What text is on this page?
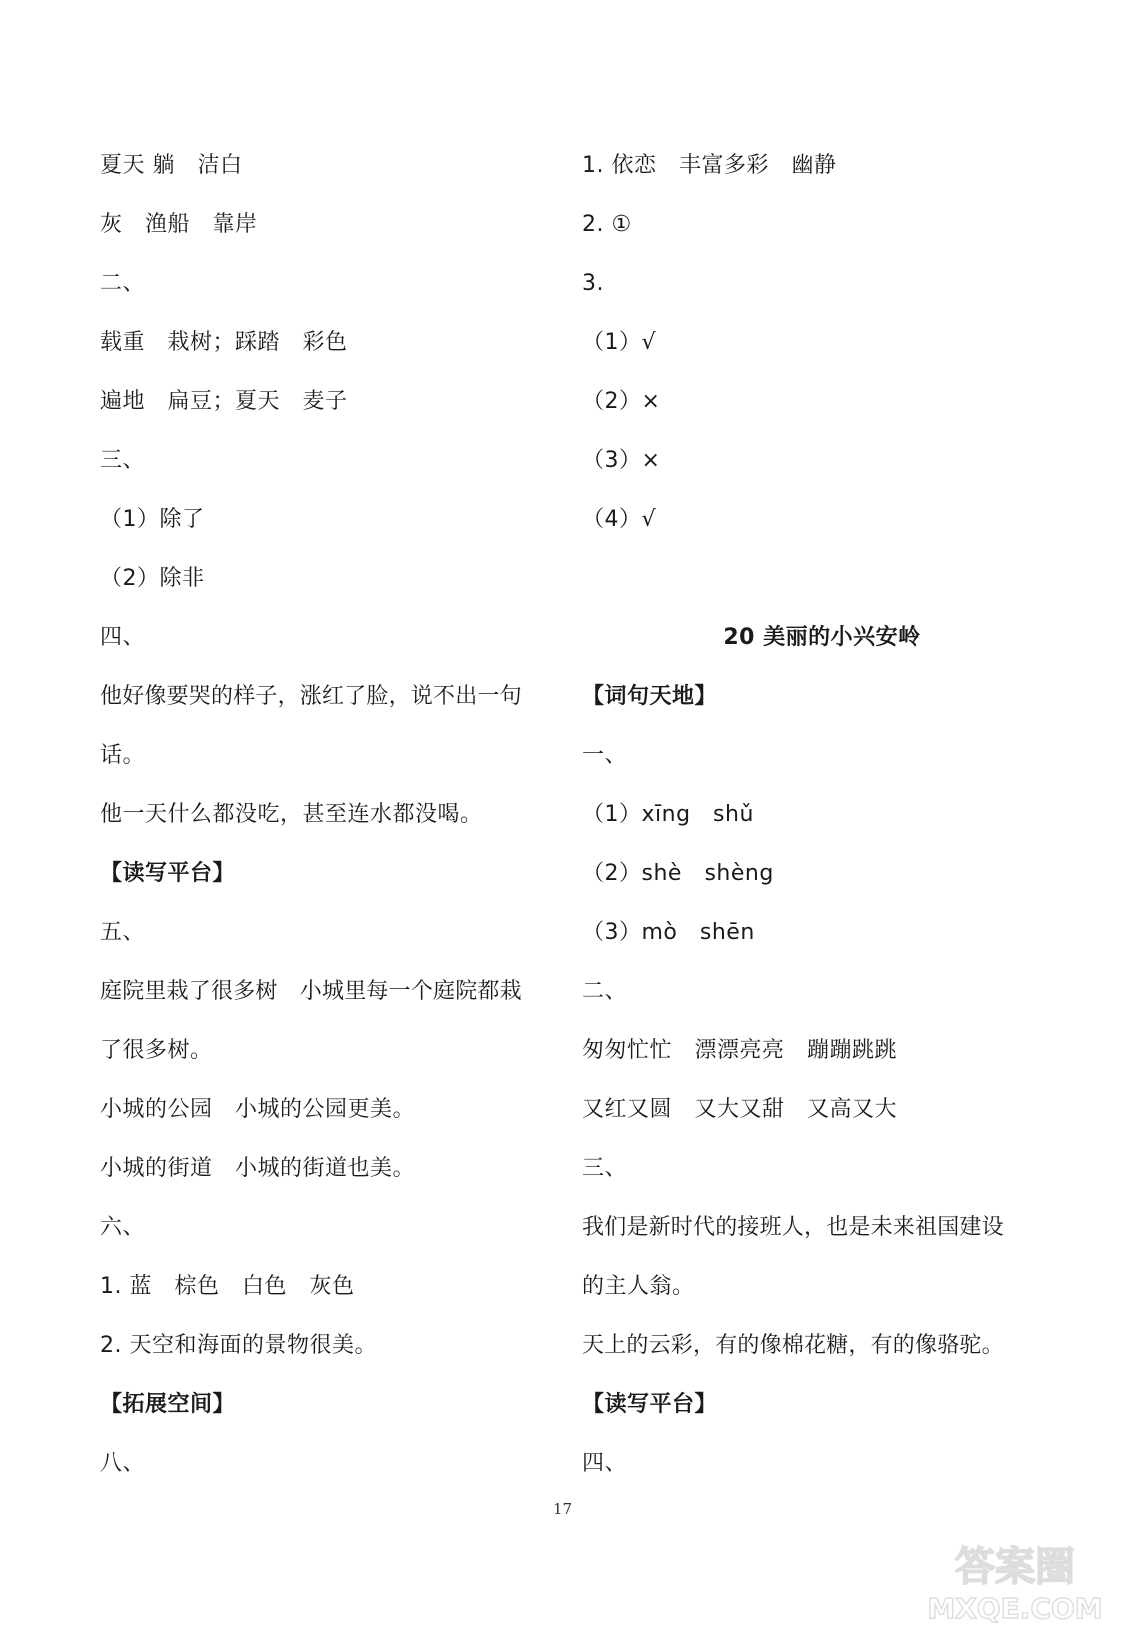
夏天 躺　洁白
灰　渔船　靠岸
二、
载重　栽树；踩踏　彩色
遍地　扁豆；夏天　麦子
三、
（1）除了
（2）除非
四、
他好像要哭的样子，涨红了脸，说不出一句
话。
他一天什么都没吃，甚至连水都没喝。
【读写平台】
五、
庭院里栽了很多树　小城里每一个庭院都栽
了很多树。
小城的公园　小城的公园更美。
小城的街道　小城的街道也美。
六、
1. 蓝　棕色　白色　灰色
2. 天空和海面的景物很美。
【拓展空间】
八、
1. 依恋　丰富多彩　幽静
2. ①
3.
（1）√
（2）×
（3）×
（4）√
20 美丽的小兴安岭
【词句天地】
一、
（1）xīng　shǔ
（2）shè　shèng
（3）mò　shēn
二、
匆匆忙忙　漂漂亮亮　蹦蹦跳跳
又红又圆　又大又甜　又高又大
三、
我们是新时代的接班人，也是未来祖国建设
的主人翁。
天上的云彩，有的像棉花糖，有的像骆驼。
【读写平台】
四、
17
答案圈
MXQE.COM
